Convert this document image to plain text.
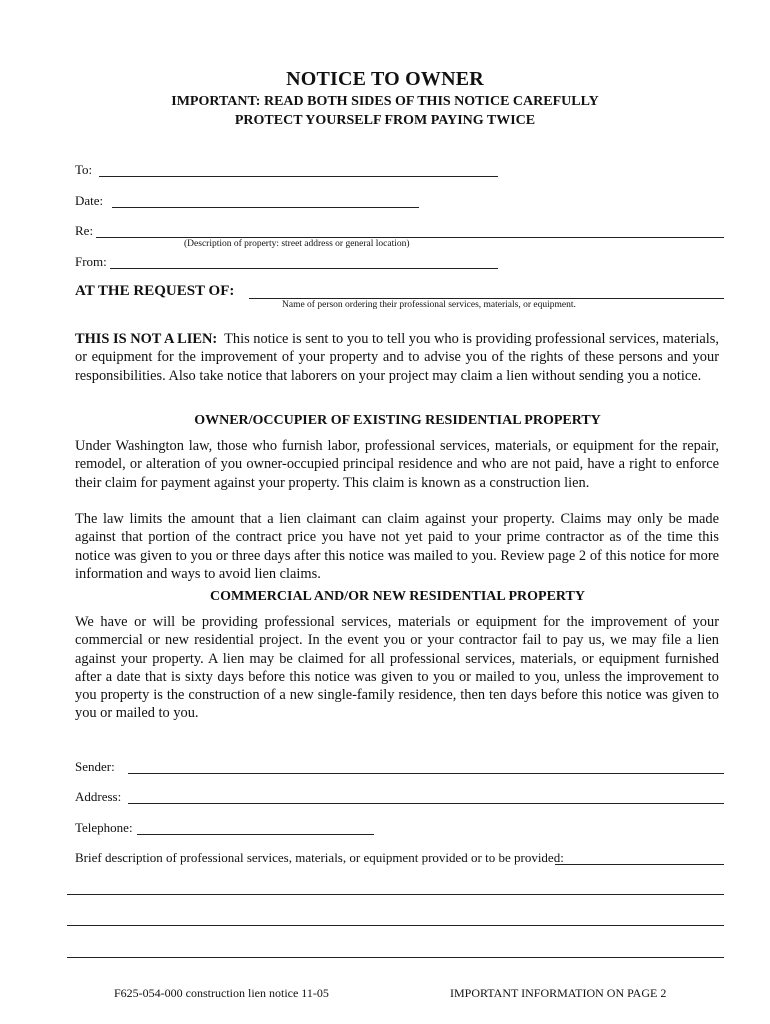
NOTICE TO OWNER
IMPORTANT: READ BOTH SIDES OF THIS NOTICE CAREFULLY
PROTECT YOURSELF FROM PAYING TWICE
To:
Date:
Re:
(Description of property: street address or general location)
From:
AT THE REQUEST OF:
Name of person ordering their professional services, materials, or equipment.
THIS IS NOT A LIEN: This notice is sent to you to tell you who is providing professional services, materials, or equipment for the improvement of your property and to advise you of the rights of these persons and your responsibilities. Also take notice that laborers on your project may claim a lien without sending you a notice.
OWNER/OCCUPIER OF EXISTING RESIDENTIAL PROPERTY
Under Washington law, those who furnish labor, professional services, materials, or equipment for the repair, remodel, or alteration of you owner-occupied principal residence and who are not paid, have a right to enforce their claim for payment against your property. This claim is known as a construction lien.
The law limits the amount that a lien claimant can claim against your property. Claims may only be made against that portion of the contract price you have not yet paid to your prime contractor as of the time this notice was given to you or three days after this notice was mailed to you. Review page 2 of this notice for more information and ways to avoid lien claims.
COMMERCIAL AND/OR NEW RESIDENTIAL PROPERTY
We have or will be providing professional services, materials or equipment for the improvement of your commercial or new residential project. In the event you or your contractor fail to pay us, we may file a lien against your property. A lien may be claimed for all professional services, materials, or equipment furnished after a date that is sixty days before this notice was given to you or mailed to you, unless the improvement to you property is the construction of a new single-family residence, then ten days before this notice was given to you or mailed to you.
Sender:
Address:
Telephone:
Brief description of professional services, materials, or equipment provided or to be provided:
F625-054-000 construction lien notice 11-05	IMPORTANT INFORMATION ON PAGE 2
